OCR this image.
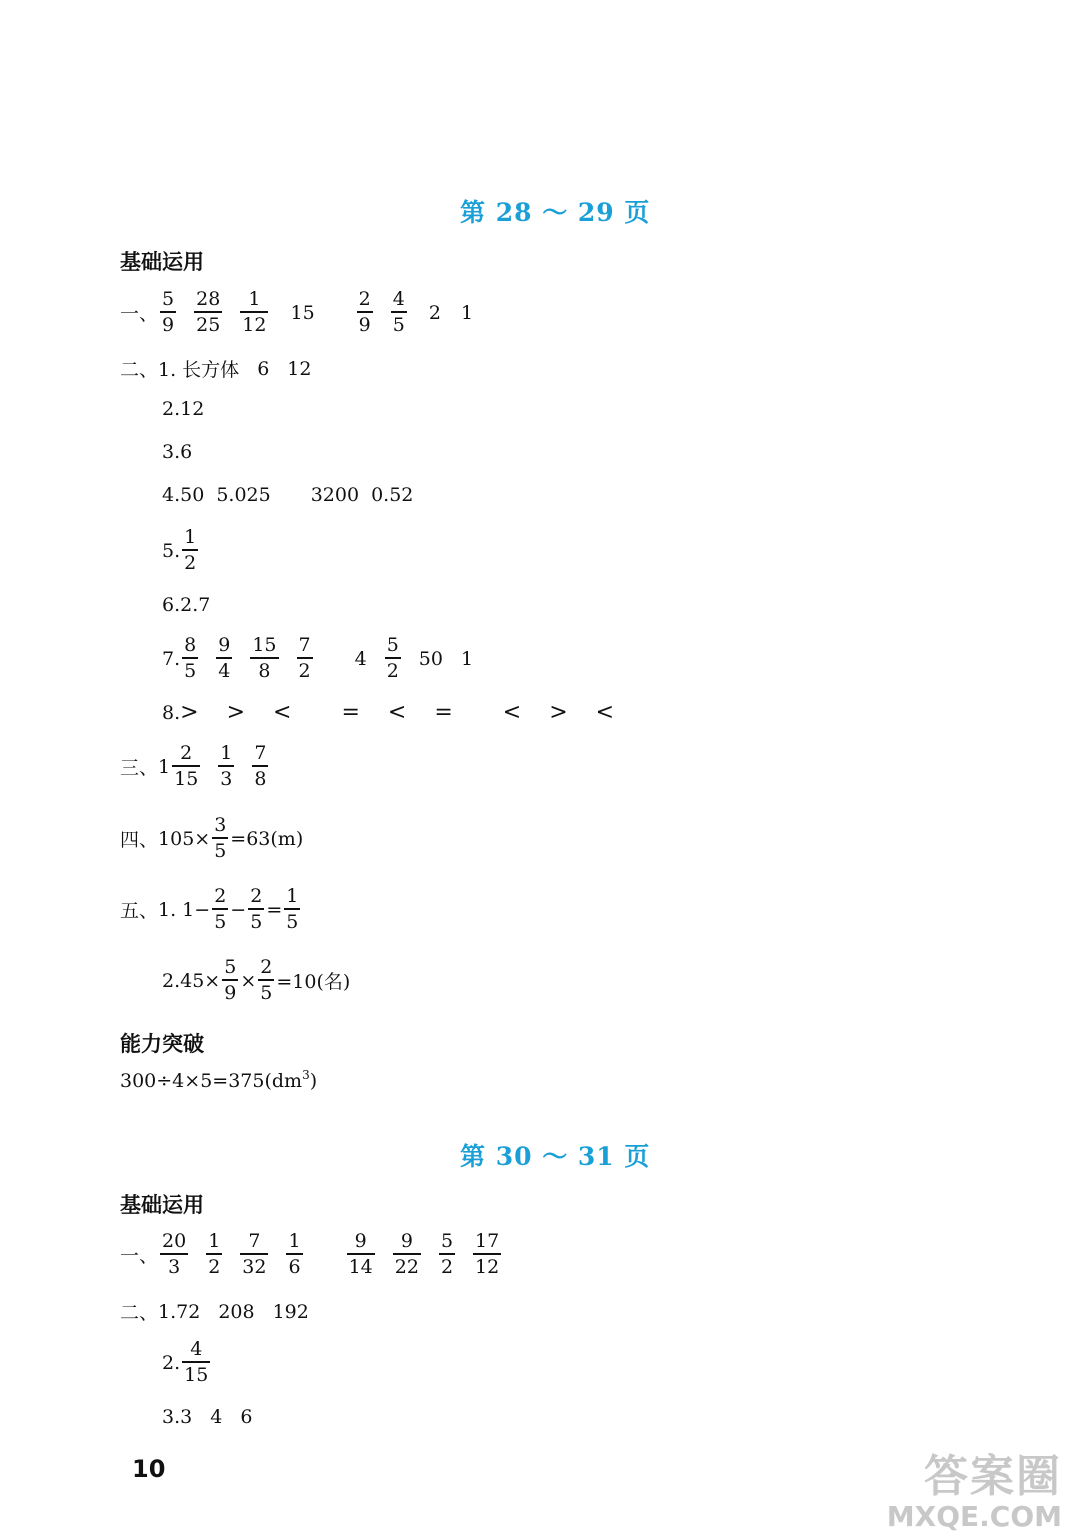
第 28 ～ 29 页
基础运用
一、 $\frac{5}{9} \frac{28}{25} \frac{1}{12} 15 \frac{2}{9} \frac{4}{5} 2$ 1
二、 1. 长方体 6 12
2.12
3.6
4.50 5.025 3200 0.52
5. $\frac{1}{2}$
6.2.7
7. $\frac{8}{5} \frac{9}{4} \frac{15}{8} \frac{7}{2} 4 \frac{5}{2} 50$ 1
8. > > < = < = < > <
三、 $1 \frac{2}{15} \frac{1}{3} \frac{7}{8}$
四、 $105\times \frac{3}{5} =63(m)$
五、 1. $1- \frac{2}{5} - \frac{2}{5} = \frac{1}{5}$
$2.45\times \frac{5}{9} \times \frac{2}{5} =10$(名)
能力突破
$300\div 4\times 5=375(dm^3$ )
第 30 ～ 31 页
基础运用
一、 $\frac{20}{3} \frac{1}{2} \frac{7}{32} \frac{1}{6} \frac{9}{14} \frac{9}{22} \frac{5}{2} \frac{17}{12}$
二、 1.72 208 192
2. $\frac{4}{15}$
3.3 4 6
10	答案圈
MXQE.COM
